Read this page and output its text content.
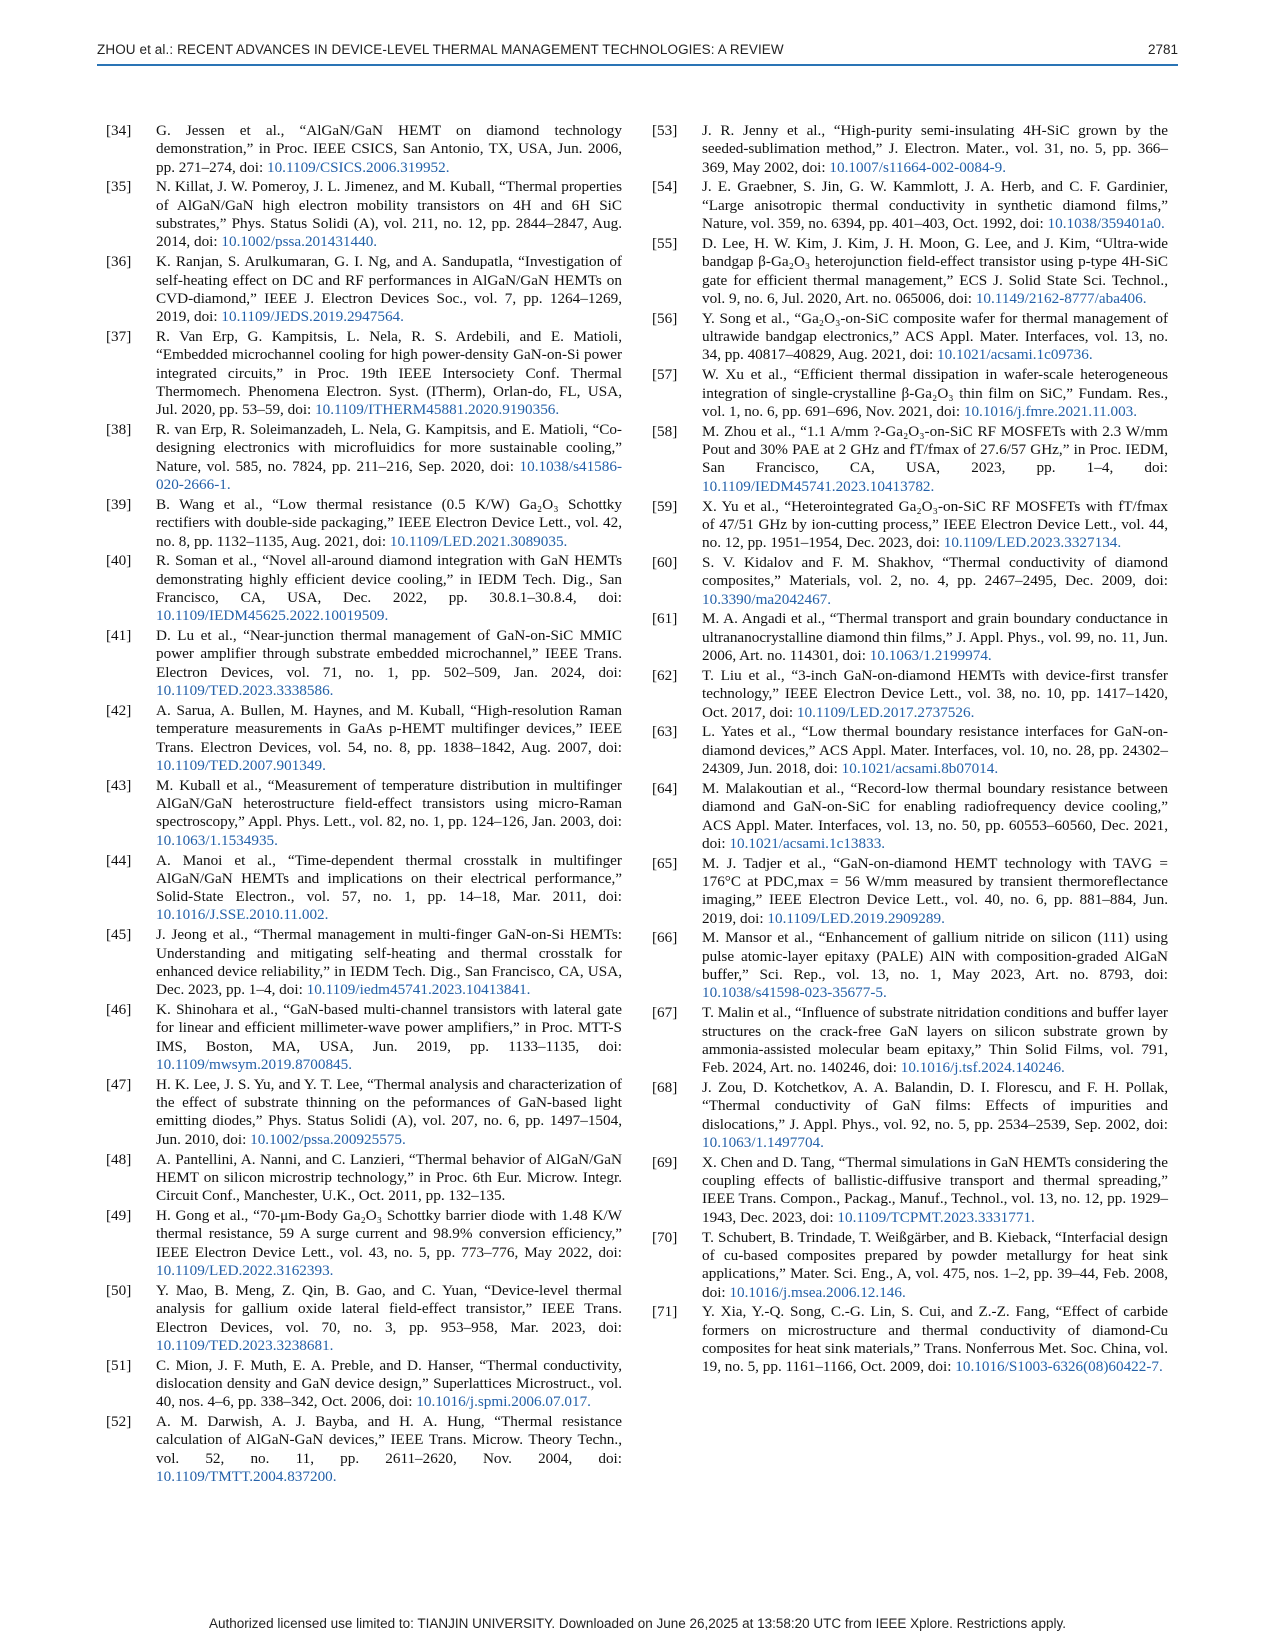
ZHOU et al.: RECENT ADVANCES IN DEVICE-LEVEL THERMAL MANAGEMENT TECHNOLOGIES: A REVIEW	2781
[34] G. Jessen et al., “AlGaN/GaN HEMT on diamond technology demonstration,” in Proc. IEEE CSICS, San Antonio, TX, USA, Jun. 2006, pp. 271–274, doi: 10.1109/CSICS.2006.319952.
[35] N. Killat, J. W. Pomeroy, J. L. Jimenez, and M. Kuball, “Thermal properties of AlGaN/GaN high electron mobility transistors on 4H and 6H SiC substrates,” Phys. Status Solidi (A), vol. 211, no. 12, pp. 2844–2847, Aug. 2014, doi: 10.1002/pssa.201431440.
[36] K. Ranjan, S. Arulkumaran, G. I. Ng, and A. Sandupatla, “Investigation of self-heating effect on DC and RF performances in AlGaN/GaN HEMTs on CVD-diamond,” IEEE J. Electron Devices Soc., vol. 7, pp. 1264–1269, 2019, doi: 10.1109/JEDS.2019.2947564.
[37] R. Van Erp, G. Kampitsis, L. Nela, R. S. Ardebili, and E. Matioli, “Embedded microchannel cooling for high power-density GaN-on-Si power integrated circuits,” in Proc. 19th IEEE Intersociety Conf. Thermal Thermomech. Phenomena Electron. Syst. (ITherm), Orlan-do, FL, USA, Jul. 2020, pp. 53–59, doi: 10.1109/ITHERM45881.2020.9190356.
[38] R. van Erp, R. Soleimanzadeh, L. Nela, G. Kampitsis, and E. Matioli, “Co-designing electronics with microfluidics for more sustainable cooling,” Nature, vol. 585, no. 7824, pp. 211–216, Sep. 2020, doi: 10.1038/s41586-020-2666-1.
[39] B. Wang et al., “Low thermal resistance (0.5 K/W) Ga₂O₃ Schottky rectifiers with double-side packaging,” IEEE Electron Device Lett., vol. 42, no. 8, pp. 1132–1135, Aug. 2021, doi: 10.1109/LED.2021.3089035.
[40] R. Soman et al., “Novel all-around diamond integration with GaN HEMTs demonstrating highly efficient device cooling,” in IEDM Tech. Dig., San Francisco, CA, USA, Dec. 2022, pp. 30.8.1–30.8.4, doi: 10.1109/IEDM45625.2022.10019509.
[41] D. Lu et al., “Near-junction thermal management of GaN-on-SiC MMIC power amplifier through substrate embedded microchannel,” IEEE Trans. Electron Devices, vol. 71, no. 1, pp. 502–509, Jan. 2024, doi: 10.1109/TED.2023.3338586.
[42] A. Sarua, A. Bullen, M. Haynes, and M. Kuball, “High-resolution Raman temperature measurements in GaAs p-HEMT multifinger devices,” IEEE Trans. Electron Devices, vol. 54, no. 8, pp. 1838–1842, Aug. 2007, doi: 10.1109/TED.2007.901349.
[43] M. Kuball et al., “Measurement of temperature distribution in multifinger AlGaN/GaN heterostructure field-effect transistors using micro-Raman spectroscopy,” Appl. Phys. Lett., vol. 82, no. 1, pp. 124–126, Jan. 2003, doi: 10.1063/1.1534935.
[44] A. Manoi et al., “Time-dependent thermal crosstalk in multifinger AlGaN/GaN HEMTs and implications on their electrical performance,” Solid-State Electron., vol. 57, no. 1, pp. 14–18, Mar. 2011, doi: 10.1016/J.SSE.2010.11.002.
[45] J. Jeong et al., “Thermal management in multi-finger GaN-on-Si HEMTs: Understanding and mitigating self-heating and thermal crosstalk for enhanced device reliability,” in IEDM Tech. Dig., San Francisco, CA, USA, Dec. 2023, pp. 1–4, doi: 10.1109/iedm45741.2023.10413841.
[46] K. Shinohara et al., “GaN-based multi-channel transistors with lateral gate for linear and efficient millimeter-wave power amplifiers,” in Proc. MTT-S IMS, Boston, MA, USA, Jun. 2019, pp. 1133–1135, doi: 10.1109/mwsym.2019.8700845.
[47] H. K. Lee, J. S. Yu, and Y. T. Lee, “Thermal analysis and characterization of the effect of substrate thinning on the peformances of GaN-based light emitting diodes,” Phys. Status Solidi (A), vol. 207, no. 6, pp. 1497–1504, Jun. 2010, doi: 10.1002/pssa.200925575.
[48] A. Pantellini, A. Nanni, and C. Lanzieri, “Thermal behavior of AlGaN/GaN HEMT on silicon microstrip technology,” in Proc. 6th Eur. Microw. Integr. Circuit Conf., Manchester, U.K., Oct. 2011, pp. 132–135.
[49] H. Gong et al., “70-μm-Body Ga₂O₃ Schottky barrier diode with 1.48 K/W thermal resistance, 59 A surge current and 98.9% conversion efficiency,” IEEE Electron Device Lett., vol. 43, no. 5, pp. 773–776, May 2022, doi: 10.1109/LED.2022.3162393.
[50] Y. Mao, B. Meng, Z. Qin, B. Gao, and C. Yuan, “Device-level thermal analysis for gallium oxide lateral field-effect transistor,” IEEE Trans. Electron Devices, vol. 70, no. 3, pp. 953–958, Mar. 2023, doi: 10.1109/TED.2023.3238681.
[51] C. Mion, J. F. Muth, E. A. Preble, and D. Hanser, “Thermal conductivity, dislocation density and GaN device design,” Superlattices Microstruct., vol. 40, nos. 4–6, pp. 338–342, Oct. 2006, doi: 10.1016/j.spmi.2006.07.017.
[52] A. M. Darwish, A. J. Bayba, and H. A. Hung, “Thermal resistance calculation of AlGaN-GaN devices,” IEEE Trans. Microw. Theory Techn., vol. 52, no. 11, pp. 2611–2620, Nov. 2004, doi: 10.1109/TMTT.2004.837200.
[53] J. R. Jenny et al., “High-purity semi-insulating 4H-SiC grown by the seeded-sublimation method,” J. Electron. Mater., vol. 31, no. 5, pp. 366–369, May 2002, doi: 10.1007/s11664-002-0084-9.
[54] J. E. Graebner, S. Jin, G. W. Kammlott, J. A. Herb, and C. F. Gardinier, “Large anisotropic thermal conductivity in synthetic diamond films,” Nature, vol. 359, no. 6394, pp. 401–403, Oct. 1992, doi: 10.1038/359401a0.
[55] D. Lee, H. W. Kim, J. Kim, J. H. Moon, G. Lee, and J. Kim, “Ultra-wide bandgap β-Ga₂O₃ heterojunction field-effect transistor using p-type 4H-SiC gate for efficient thermal management,” ECS J. Solid State Sci. Technol., vol. 9, no. 6, Jul. 2020, Art. no. 065006, doi: 10.1149/2162-8777/aba406.
[56] Y. Song et al., “Ga₂O₃-on-SiC composite wafer for thermal management of ultrawide bandgap electronics,” ACS Appl. Mater. Interfaces, vol. 13, no. 34, pp. 40817–40829, Aug. 2021, doi: 10.1021/acsami.1c09736.
[57] W. Xu et al., “Efficient thermal dissipation in wafer-scale heterogeneous integration of single-crystalline β-Ga₂O₃ thin film on SiC,” Fundam. Res., vol. 1, no. 6, pp. 691–696, Nov. 2021, doi: 10.1016/j.fmre.2021.11.003.
[58] M. Zhou et al., “1.1 A/mm ?-Ga₂O₃-on-SiC RF MOSFETs with 2.3 W/mm Pout and 30% PAE at 2 GHz and fT/fmax of 27.6/57 GHz,” in Proc. IEDM, San Francisco, CA, USA, 2023, pp. 1–4, doi: 10.1109/IEDM45741.2023.10413782.
[59] X. Yu et al., “Heterointegrated Ga₂O₃-on-SiC RF MOSFETs with fT/fmax of 47/51 GHz by ion-cutting process,” IEEE Electron Device Lett., vol. 44, no. 12, pp. 1951–1954, Dec. 2023, doi: 10.1109/LED.2023.3327134.
[60] S. V. Kidalov and F. M. Shakhov, “Thermal conductivity of diamond composites,” Materials, vol. 2, no. 4, pp. 2467–2495, Dec. 2009, doi: 10.3390/ma2042467.
[61] M. A. Angadi et al., “Thermal transport and grain boundary conductance in ultrananocrystalline diamond thin films,” J. Appl. Phys., vol. 99, no. 11, Jun. 2006, Art. no. 114301, doi: 10.1063/1.2199974.
[62] T. Liu et al., “3-inch GaN-on-diamond HEMTs with device-first transfer technology,” IEEE Electron Device Lett., vol. 38, no. 10, pp. 1417–1420, Oct. 2017, doi: 10.1109/LED.2017.2737526.
[63] L. Yates et al., “Low thermal boundary resistance interfaces for GaN-on-diamond devices,” ACS Appl. Mater. Interfaces, vol. 10, no. 28, pp. 24302–24309, Jun. 2018, doi: 10.1021/acsami.8b07014.
[64] M. Malakoutian et al., “Record-low thermal boundary resistance between diamond and GaN-on-SiC for enabling radiofrequency device cooling,” ACS Appl. Mater. Interfaces, vol. 13, no. 50, pp. 60553–60560, Dec. 2021, doi: 10.1021/acsami.1c13833.
[65] M. J. Tadjer et al., “GaN-on-diamond HEMT technology with TAVG = 176°C at PDC,max = 56 W/mm measured by transient thermoreflectance imaging,” IEEE Electron Device Lett., vol. 40, no. 6, pp. 881–884, Jun. 2019, doi: 10.1109/LED.2019.2909289.
[66] M. Mansor et al., “Enhancement of gallium nitride on silicon (111) using pulse atomic-layer epitaxy (PALE) AlN with composition-graded AlGaN buffer,” Sci. Rep., vol. 13, no. 1, May 2023, Art. no. 8793, doi: 10.1038/s41598-023-35677-5.
[67] T. Malin et al., “Influence of substrate nitridation conditions and buffer layer structures on the crack-free GaN layers on silicon substrate grown by ammonia-assisted molecular beam epitaxy,” Thin Solid Films, vol. 791, Feb. 2024, Art. no. 140246, doi: 10.1016/j.tsf.2024.140246.
[68] J. Zou, D. Kotchetkov, A. A. Balandin, D. I. Florescu, and F. H. Pollak, “Thermal conductivity of GaN films: Effects of impurities and dislocations,” J. Appl. Phys., vol. 92, no. 5, pp. 2534–2539, Sep. 2002, doi: 10.1063/1.1497704.
[69] X. Chen and D. Tang, “Thermal simulations in GaN HEMTs considering the coupling effects of ballistic-diffusive transport and thermal spreading,” IEEE Trans. Compon., Packag., Manuf., Technol., vol. 13, no. 12, pp. 1929–1943, Dec. 2023, doi: 10.1109/TCPMT.2023.3331771.
[70] T. Schubert, B. Trindade, T. Weißgärber, and B. Kieback, “Interfacial design of cu-based composites prepared by powder metallurgy for heat sink applications,” Mater. Sci. Eng., A, vol. 475, nos. 1–2, pp. 39–44, Feb. 2008, doi: 10.1016/j.msea.2006.12.146.
[71] Y. Xia, Y.-Q. Song, C.-G. Lin, S. Cui, and Z.-Z. Fang, “Effect of carbide formers on microstructure and thermal conductivity of diamond-Cu composites for heat sink materials,” Trans. Nonferrous Met. Soc. China, vol. 19, no. 5, pp. 1161–1166, Oct. 2009, doi: 10.1016/S1003-6326(08)60422-7.
Authorized licensed use limited to: TIANJIN UNIVERSITY. Downloaded on June 26,2025 at 13:58:20 UTC from IEEE Xplore. Restrictions apply.
